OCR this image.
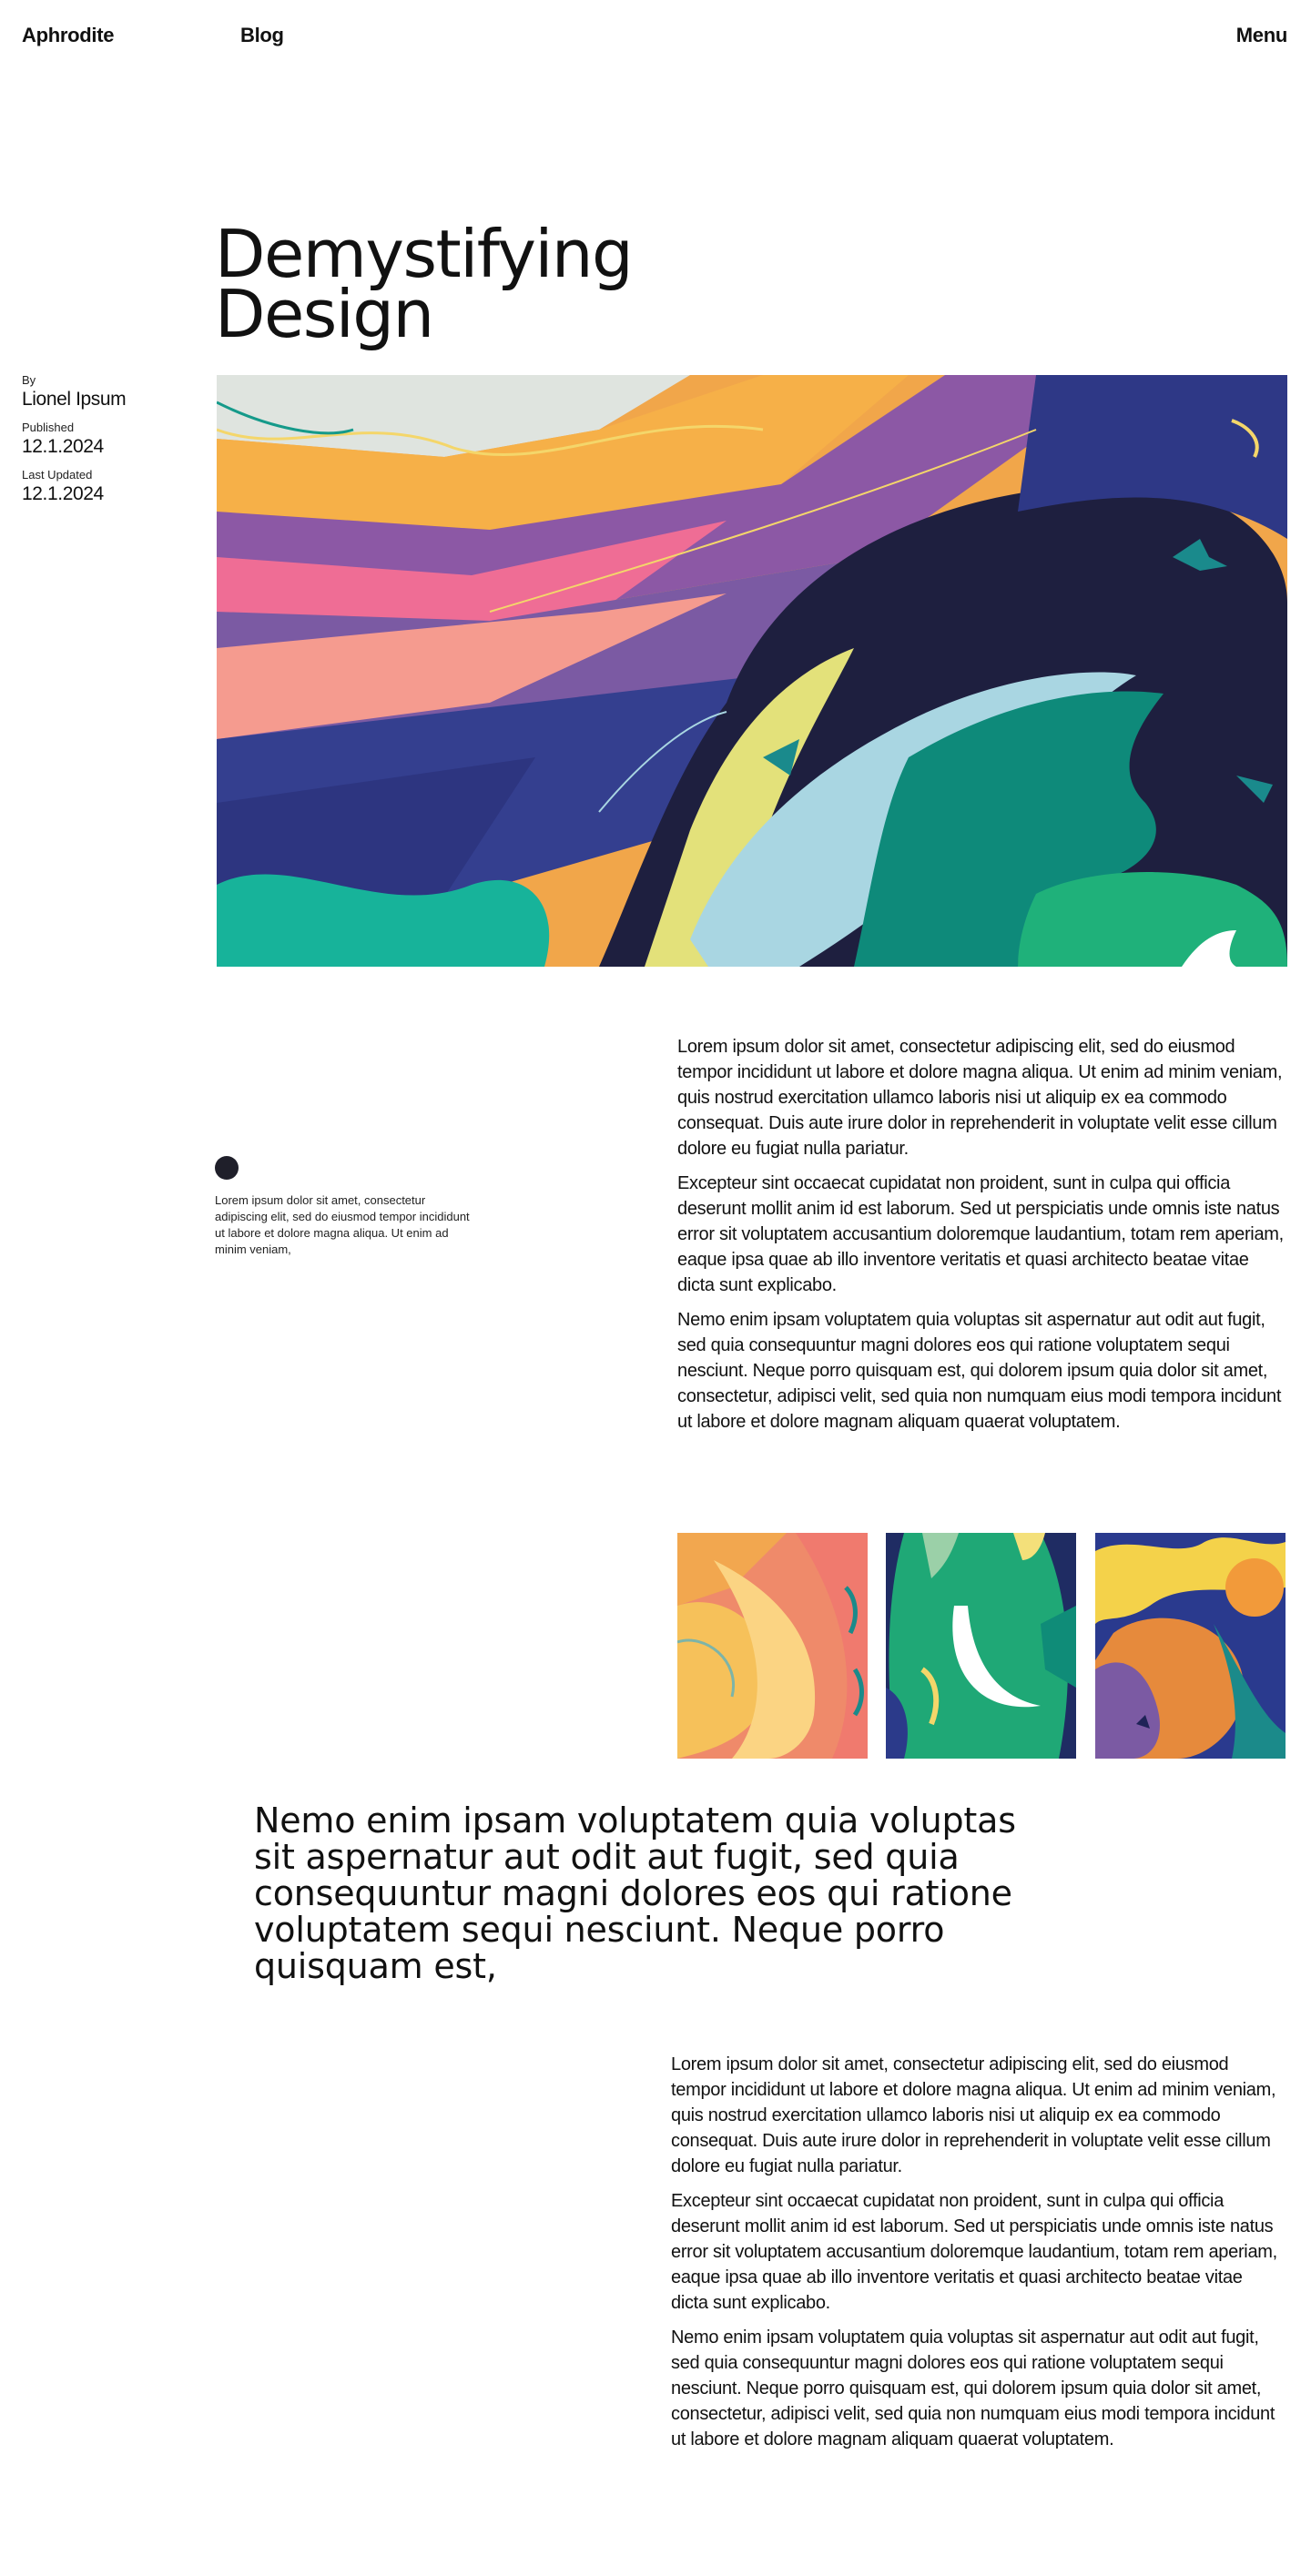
Aphrodite	Blog	Menu
Demystifying
Design
By
Lionel Ipsum
Published
12.1.2024
Last Updated
12.1.2024

Lorem ipsum dolor sit amet, consectetur adipiscing elit, sed do eiusmod tempor incididunt ut labore et dolore magna aliqua. Ut enim ad minim veniam, quis nostrud exercitation ullamco laboris nisi ut aliquip ex ea commodo consequat. Duis aute irure dolor in reprehenderit in voluptate velit esse cillum dolore eu fugiat nulla pariatur.

Excepteur sint occaecat cupidatat non proident, sunt in culpa qui officia deserunt mollit anim id est laborum. Sed ut perspiciatis unde omnis iste natus error sit voluptatem accusantium doloremque laudantium, totam rem aperiam, eaque ipsa quae ab illo inventore veritatis et quasi architecto beatae vitae dicta sunt explicabo.

Nemo enim ipsam voluptatem quia voluptas sit aspernatur aut odit aut fugit, sed quia consequuntur magni dolores eos qui ratione voluptatem sequi nesciunt. Neque porro quisquam est, qui dolorem ipsum quia dolor sit amet, consectetur, adipisci velit, sed quia non numquam eius modi tempora incidunt ut labore et dolore magnam aliquam quaerat voluptatem.

Lorem ipsum dolor sit amet, consectetur adipiscing elit, sed do eiusmod tempor incididunt ut labore et dolore magna aliqua. Ut enim ad minim veniam,

Nemo enim ipsam voluptatem quia voluptas sit aspernatur aut odit aut fugit, sed quia consequuntur magni dolores eos qui ratione voluptatem sequi nesciunt. Neque porro quisquam est,

Lorem ipsum dolor sit amet, consectetur adipiscing elit, sed do eiusmod tempor incididunt ut labore et dolore magna aliqua. Ut enim ad minim veniam, quis nostrud exercitation ullamco laboris nisi ut aliquip ex ea commodo consequat. Duis aute irure dolor in reprehenderit in voluptate velit esse cillum dolore eu fugiat nulla pariatur.

Excepteur sint occaecat cupidatat non proident, sunt in culpa qui officia deserunt mollit anim id est laborum. Sed ut perspiciatis unde omnis iste natus error sit voluptatem accusantium doloremque laudantium, totam rem aperiam, eaque ipsa quae ab illo inventore veritatis et quasi architecto beatae vitae dicta sunt explicabo.

Nemo enim ipsam voluptatem quia voluptas sit aspernatur aut odit aut fugit, sed quia consequuntur magni dolores eos qui ratione voluptatem sequi nesciunt. Neque porro quisquam est, qui dolorem ipsum quia dolor sit amet, consectetur, adipisci velit, sed quia non numquam eius modi tempora incidunt ut labore et dolore magnam aliquam quaerat voluptatem.
